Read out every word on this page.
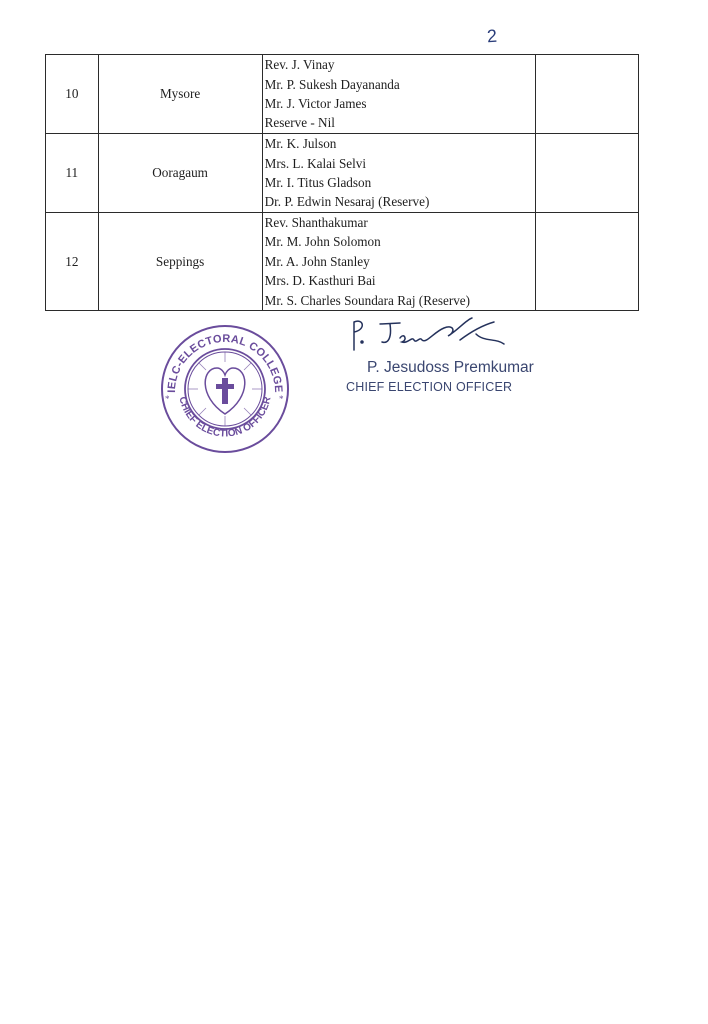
2
10	Mysore	Rev. J. Vinay
Mr. P. Sukesh Dayananda
Mr. J. Victor James
Reserve - Nil	

11	Ooragaum	Mr. K. Julson
Mrs. L. Kalai Selvi
Mr. I. Titus Gladson
Dr. P. Edwin Nesaraj (Reserve)	

12	Seppings	Rev. Shanthakumar
Mr. M. John Solomon
Mr. A. John Stanley
Mrs. D. Kasthuri Bai
Mr. S. Charles Soundara Raj (Reserve)	

IELC-ELECTORAL COLLEGE
CHIEF ELECTION OFFICER
*	*
P. Jesudoss Premkumar
CHIEF ELECTION OFFICER
